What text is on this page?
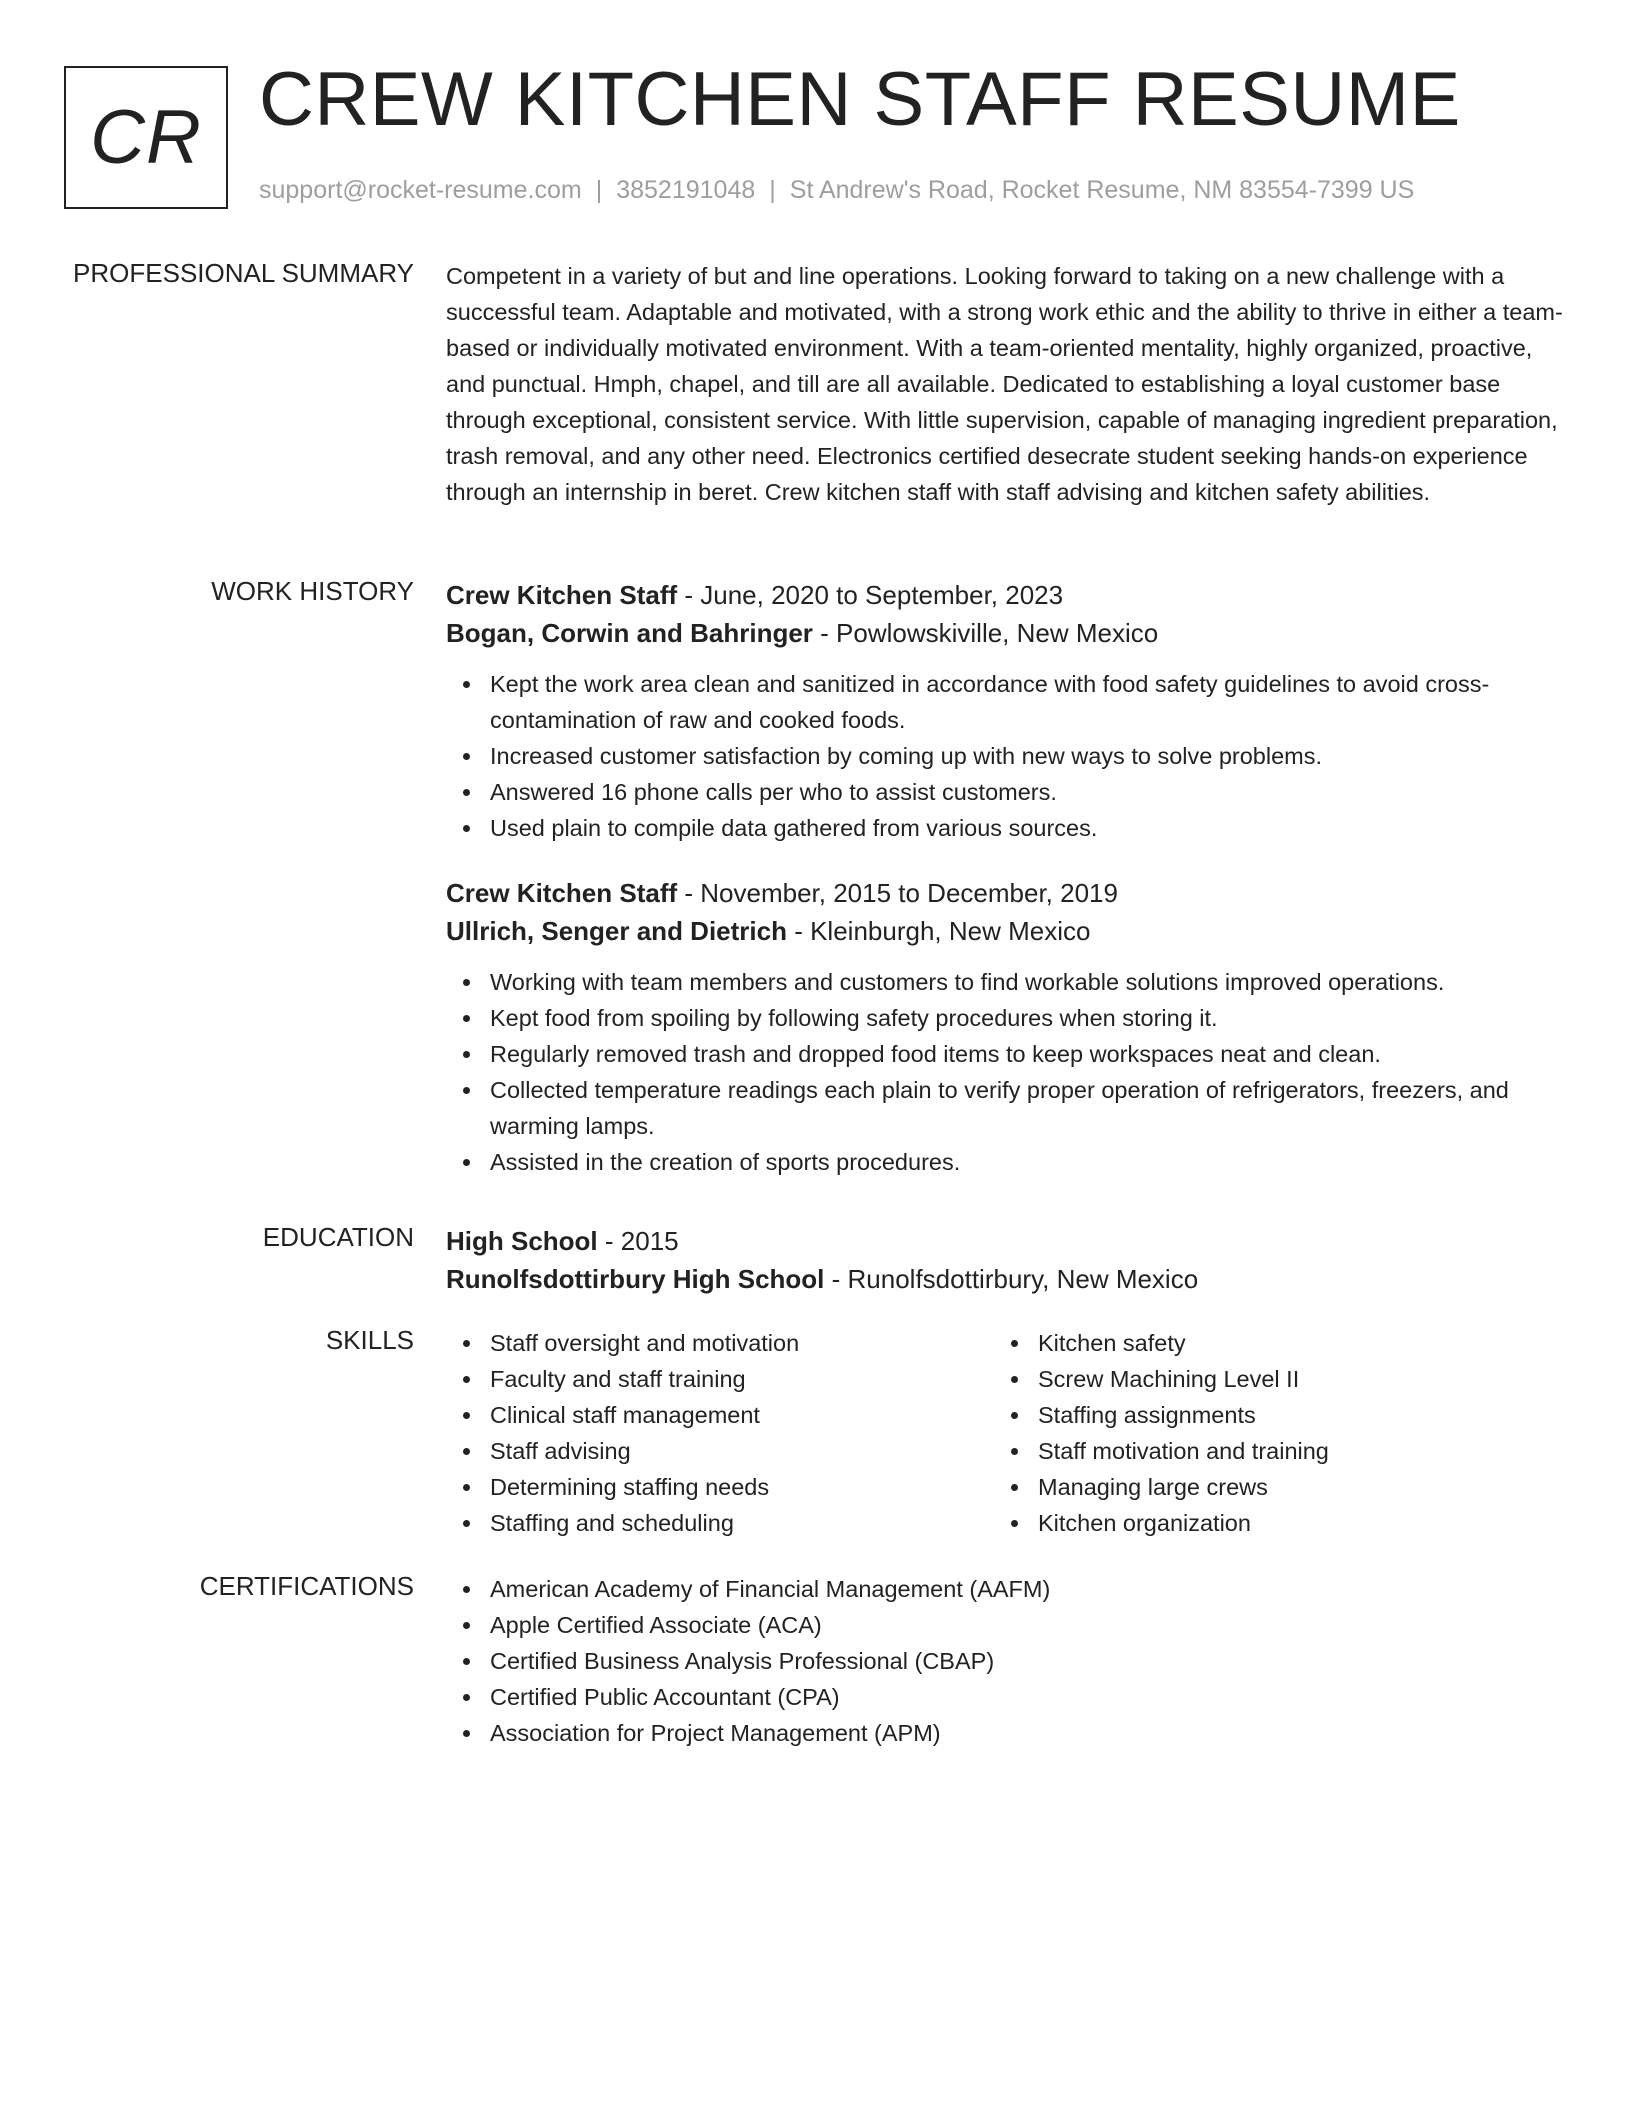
CR CREW KITCHEN STAFF RESUME
support@rocket-resume.com | 3852191048 | St Andrew's Road, Rocket Resume, NM 83554-7399 US
PROFESSIONAL SUMMARY Competent in a variety of but and line operations. Looking forward to taking on a new challenge with a successful team. Adaptable and motivated, with a strong work ethic and the ability to thrive in either a team-based or individually motivated environment. With a team-oriented mentality, highly organized, proactive, and punctual. Hmph, chapel, and till are all available. Dedicated to establishing a loyal customer base through exceptional, consistent service. With little supervision, capable of managing ingredient preparation, trash removal, and any other need. Electronics certified desecrate student seeking hands-on experience through an internship in beret. Crew kitchen staff with staff advising and kitchen safety abilities.

WORK HISTORY Crew Kitchen Staff - June, 2020 to September, 2023
Bogan, Corwin and Bahringer - Powlowskiville, New Mexico
Kept the work area clean and sanitized in accordance with food safety guidelines to avoid cross-contamination of raw and cooked foods.
Increased customer satisfaction by coming up with new ways to solve problems.
Answered 16 phone calls per who to assist customers.
Used plain to compile data gathered from various sources.
Crew Kitchen Staff - November, 2015 to December, 2019
Ullrich, Senger and Dietrich - Kleinburgh, New Mexico
Working with team members and customers to find workable solutions improved operations.
Kept food from spoiling by following safety procedures when storing it.
Regularly removed trash and dropped food items to keep workspaces neat and clean.
Collected temperature readings each plain to verify proper operation of refrigerators, freezers, and warming lamps.
Assisted in the creation of sports procedures.
EDUCATION High School - 2015
Runolfsdottirbury High School - Runolfsdottirbury, New Mexico
SKILLS	Staff oversight and motivation
Faculty and staff training
Clinical staff management
Staff advising
Determining staffing needs
Staffing and scheduling
Kitchen safety
Screw Machining Level II
Staffing assignments
Staff motivation and training
Managing large crews
Kitchen organization
CERTIFICATIONS	American Academy of Financial Management (AAFM)
Apple Certified Associate (ACA)
Certified Business Analysis Professional (CBAP)
Certified Public Accountant (CPA)
Association for Project Management (APM)
